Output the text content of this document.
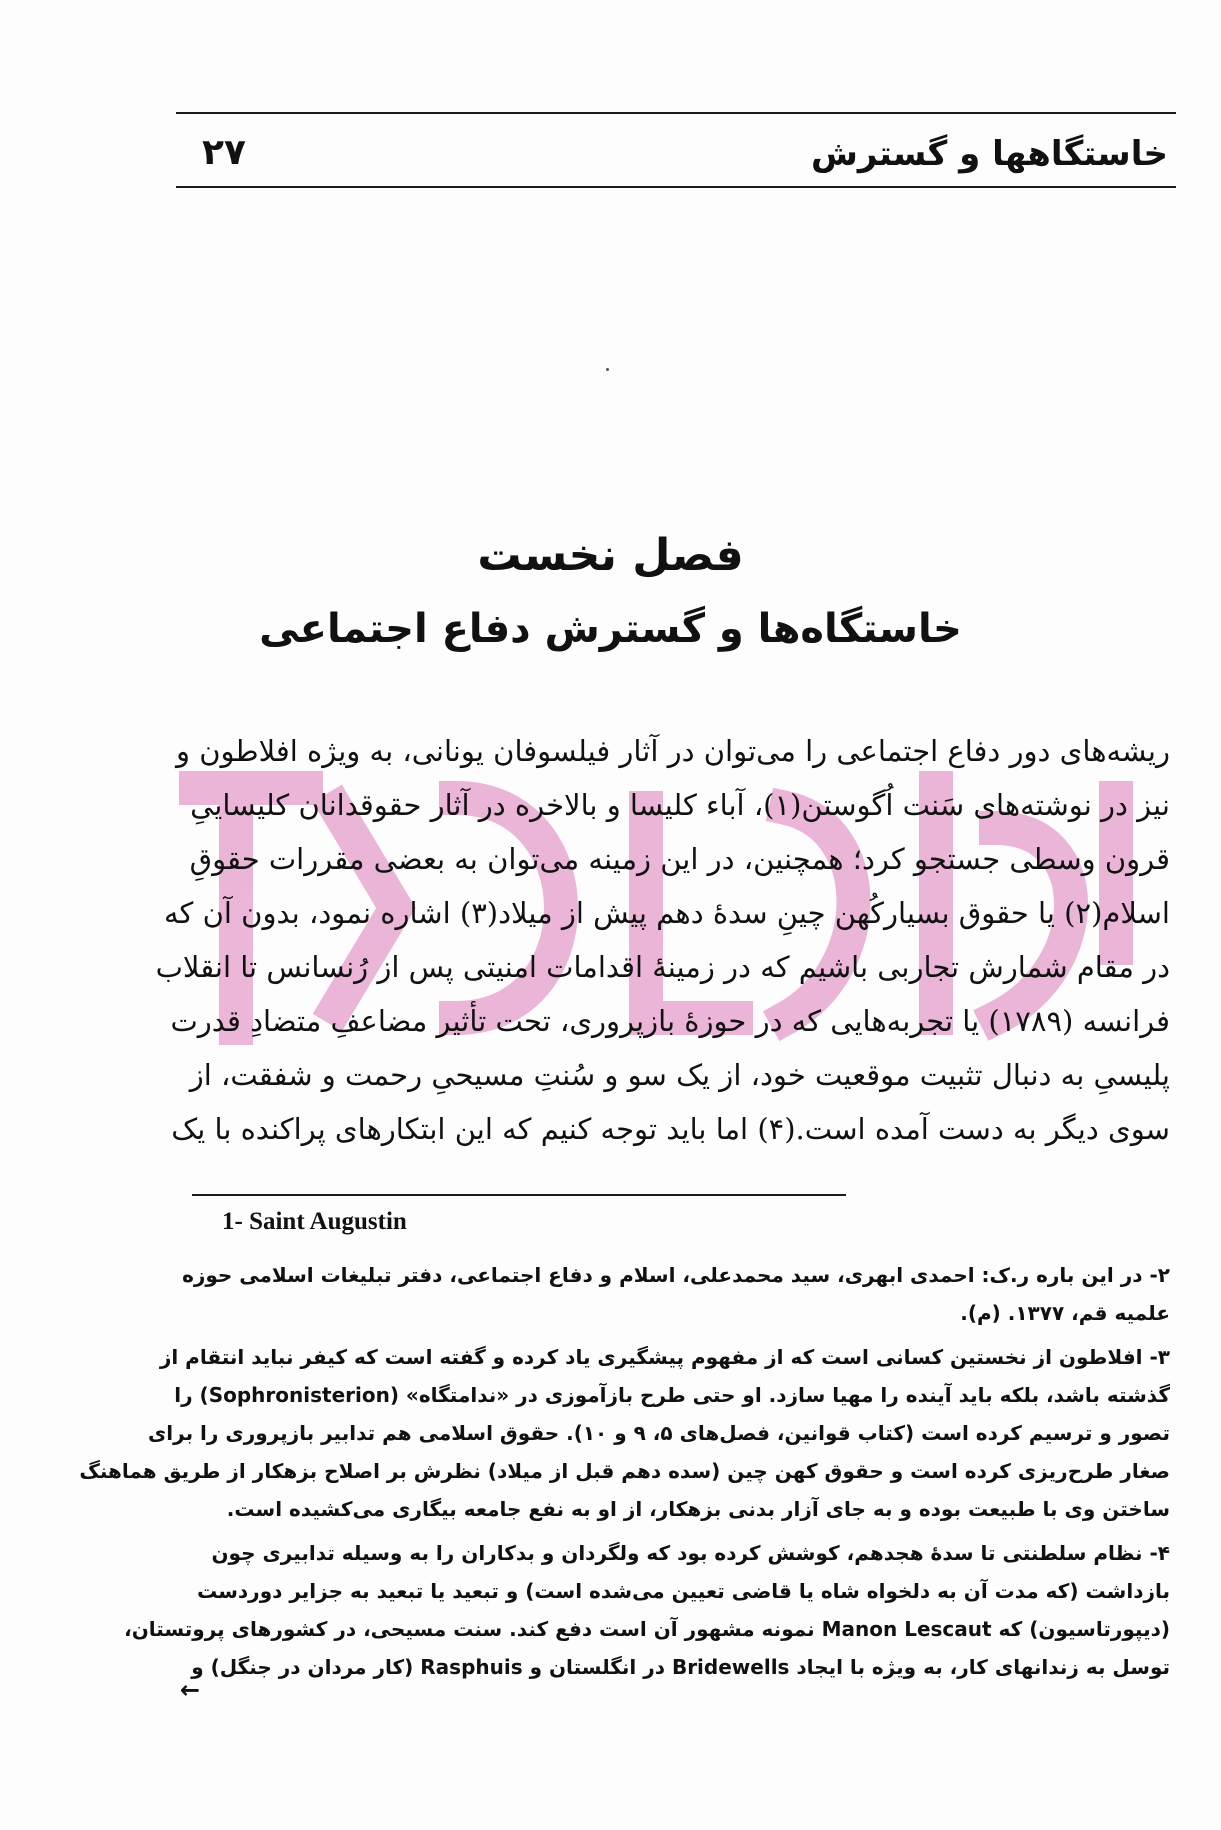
خاستگاهها و گسترش
۲۷
فصل نخست
خاستگاه‌ها و گسترش دفاع اجتماعی
ریشه‌های دور دفاع اجتماعی را می‌توان در آثار فیلسوفان یونانی، به ویژه افلاطون و
نیز در نوشته‌های سَنت اُگوستن(۱)، آباء کلیسا و بالاخره در آثار حقوقدانان کلیساییِ
قرون وسطی جستجو کرد؛ همچنین، در این زمینه می‌توان به بعضی مقررات حقوقِ
اسلام(۲) یا حقوق بسیارکُهن چینِ سدهٔ دهم پیش از میلاد(۳) اشاره نمود، بدون آن که
در مقام شمارش تجاربی باشیم که در زمینهٔ اقدامات امنیتی پس از رُنسانس تا انقلاب
فرانسه (۱۷۸۹) یا تجربه‌هایی که در حوزهٔ بازپروری، تحت تأثیر مضاعفِ متضادِ قدرت
پلیسیِ به دنبال تثبیت موقعیت خود، از یک سو و سُنتِ مسیحیِ رحمت و شفقت، از
سوی دیگر به دست آمده است.(۴) اما باید توجه کنیم که این ابتکارهای پراکنده با یک
1- Saint Augustin
۲- در این باره ر.ک: احمدی ابهری، سید محمدعلی، اسلام و دفاع اجتماعی، دفتر تبلیغات اسلامی حوزه
علمیه قم، ۱۳۷۷. (م).
۳- افلاطون از نخستین کسانی است که از مفهوم پیشگیری یاد کرده و گفته است که کیفر نباید انتقام از
گذشته باشد، بلکه باید آینده را مهیا سازد. او حتی طرح بازآموزی در «ندامتگاه» (Sophronisterion) را
تصور و ترسیم کرده است (کتاب قوانین، فصل‌های ۵، ۹ و ۱۰). حقوق اسلامی هم تدابیر بازپروری را برای
صغار طرح‌ریزی کرده است و حقوق کهن چین (سده دهم قبل از میلاد) نظرش بر اصلاح بزهکار از طریق هماهنگ
ساختن وی با طبیعت بوده و به جای آزار بدنی بزهکار، از او به نفع جامعه بیگاری می‌کشیده است.
۴- نظام سلطنتی تا سدهٔ هجدهم، کوشش کرده بود که ولگردان و بدکاران را به وسیله تدابیری چون
بازداشت (که مدت آن به دلخواه شاه یا قاضی تعیین می‌شده است) و تبعید یا تبعید به جزایر دوردست
(دیپورتاسیون) که Manon Lescaut نمونه مشهور آن است دفع کند. سنت مسیحی، در کشورهای پروتستان،
توسل به زندانهای کار، به ویژه با ایجاد Bridewells در انگلستان و Rasphuis (کار مردان در جنگل) و
←
